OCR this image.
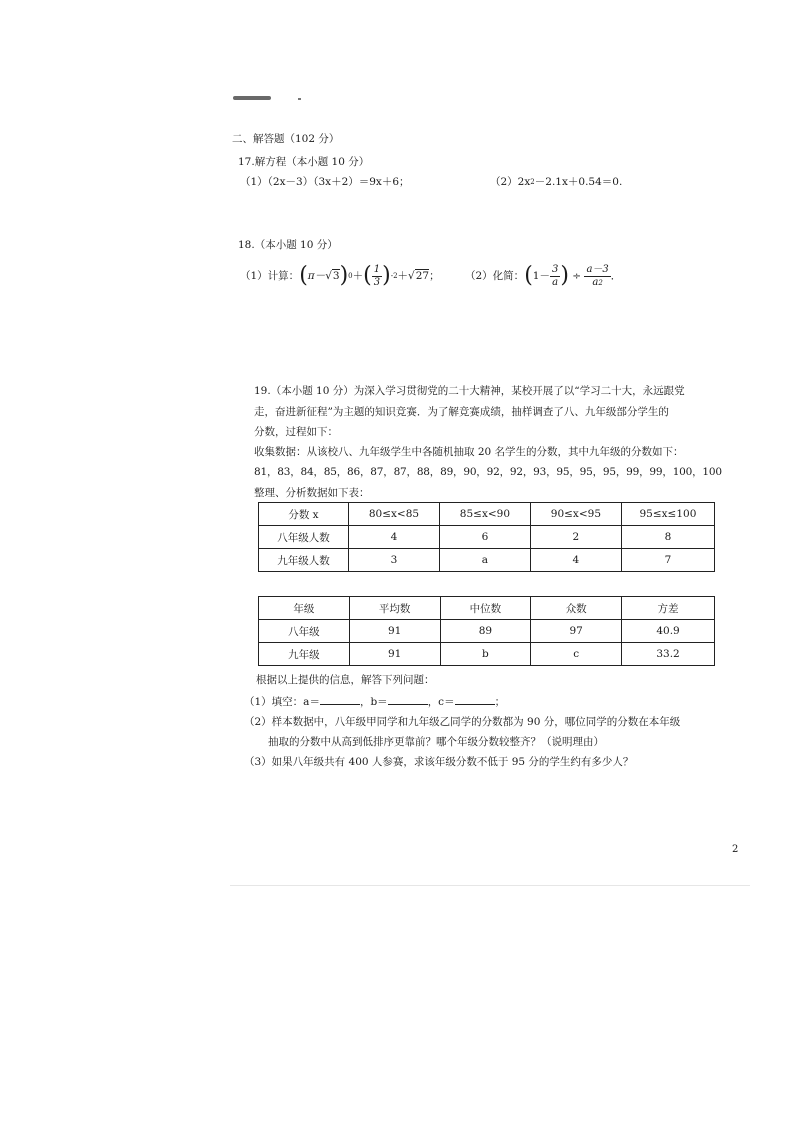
二、解答题（102 分）
17.解方程（本小题 10 分）
（1）（2x－3）（3x＋2）＝9x＋6；	$(2)2x^2-2.1x+0.54=0$.
18.（本小题 10 分）
（1）计算：$(\pi-√3)^0+( \frac{1}{3} )^{-2}+√27$； （2）化简：($1- \frac{3}{a}$ ) ÷ $\frac{a-3}{a^2}$ ．
19.（本小题 10 分）为深入学习贯彻党的二十大精神，某校开展了以“学习二十大，永远跟党
走，奋进新征程”为主题的知识竞赛．为了解竞赛成绩，抽样调查了八、九年级部分学生的
分数，过程如下：
收集数据：从该校八、九年级学生中各随机抽取 20 名学生的分数，其中九年级的分数如下：
81，83，84，85，86，87，87，88，89，90，92，92，93，95，95，95，99，99，100，100
整理、分析数据如下表：
分数 x	80≤x<85	85≤x<90	90≤x<95	95≤x≤100
八年级人数	4	6	2	8
九年级人数	3	a	4	7
年级	平均数	中位数	众数	方差
八年级	91	89	97	40.9
九年级	91	b	c	33.2
根据以上提供的信息，解答下列问题：
（1）填空：a＝	，b＝	，c＝	；
（2）样本数据中，八年级甲同学和九年级乙同学的分数都为 90 分，哪位同学的分数在本年级
抽取的分数中从高到低排序更靠前？哪个年级分数较整齐？（说明理由）
（3）如果八年级共有 400 人参赛，求该年级分数不低于 95 分的学生约有多少人？
2
